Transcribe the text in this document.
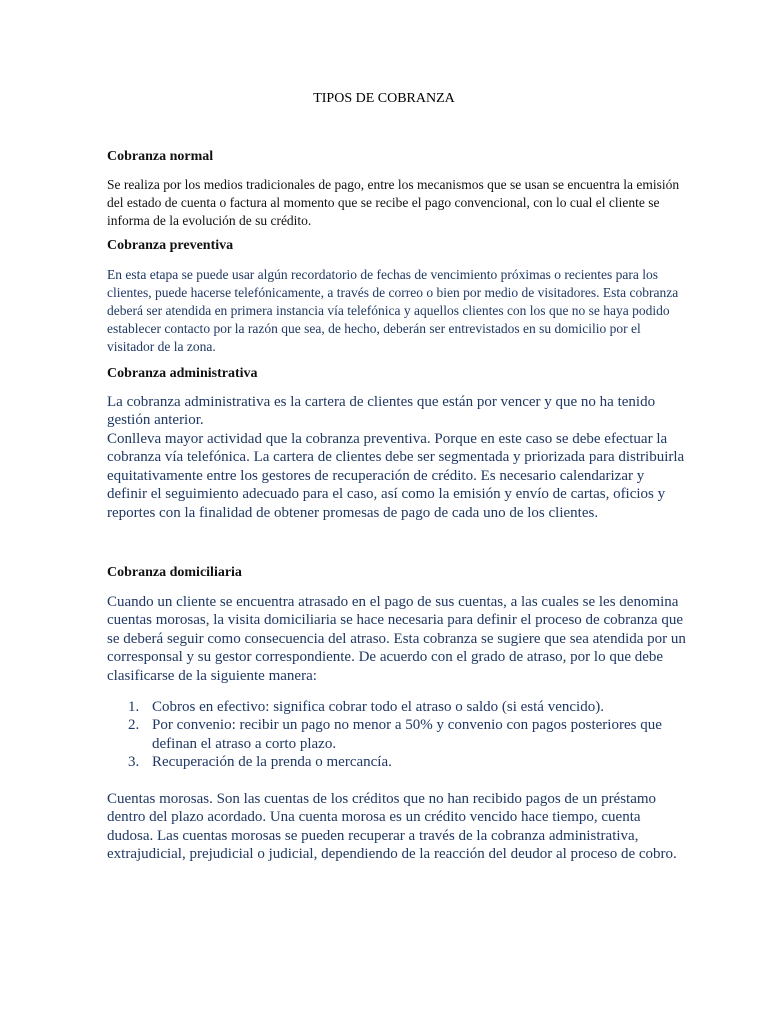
TIPOS DE COBRANZA
Cobranza normal
Se realiza por los medios tradicionales de pago, entre los mecanismos que se usan se encuentra la emisión del estado de cuenta o factura al momento que se recibe el pago convencional, con lo cual el cliente se informa de la evolución de su crédito.
Cobranza preventiva
En esta etapa se puede usar algún recordatorio de fechas de vencimiento próximas o recientes para los clientes, puede hacerse telefónicamente, a través de correo o bien por medio de visitadores. Esta cobranza deberá ser atendida en primera instancia vía telefónica y aquellos clientes con los que no se haya podido establecer contacto por la razón que sea, de hecho, deberán ser entrevistados en su domicilio por el visitador de la zona.
Cobranza administrativa
La cobranza administrativa es la cartera de clientes que están por vencer y que no ha tenido gestión anterior.
Conlleva mayor actividad que la cobranza preventiva. Porque en este caso se debe efectuar la cobranza vía telefónica. La cartera de clientes debe ser segmentada y priorizada para distribuirla equitativamente entre los gestores de recuperación de crédito. Es necesario calendarizar y definir el seguimiento adecuado para el caso, así como la emisión y envío de cartas, oficios y reportes con la finalidad de obtener promesas de pago de cada uno de los clientes.
Cobranza domiciliaria
Cuando un cliente se encuentra atrasado en el pago de sus cuentas, a las cuales se les denomina cuentas morosas, la visita domiciliaria se hace necesaria para definir el proceso de cobranza que se deberá seguir como consecuencia del atraso. Esta cobranza se sugiere que sea atendida por un corresponsal y su gestor correspondiente. De acuerdo con el grado de atraso, por lo que debe clasificarse de la siguiente manera:
1. Cobros en efectivo: significa cobrar todo el atraso o saldo (si está vencido).
2. Por convenio: recibir un pago no menor a 50% y convenio con pagos posteriores que definan el atraso a corto plazo.
3. Recuperación de la prenda o mercancía.
Cuentas morosas. Son las cuentas de los créditos que no han recibido pagos de un préstamo dentro del plazo acordado. Una cuenta morosa es un crédito vencido hace tiempo, cuenta dudosa. Las cuentas morosas se pueden recuperar a través de la cobranza administrativa, extrajudicial, prejudicial o judicial, dependiendo de la reacción del deudor al proceso de cobro.
